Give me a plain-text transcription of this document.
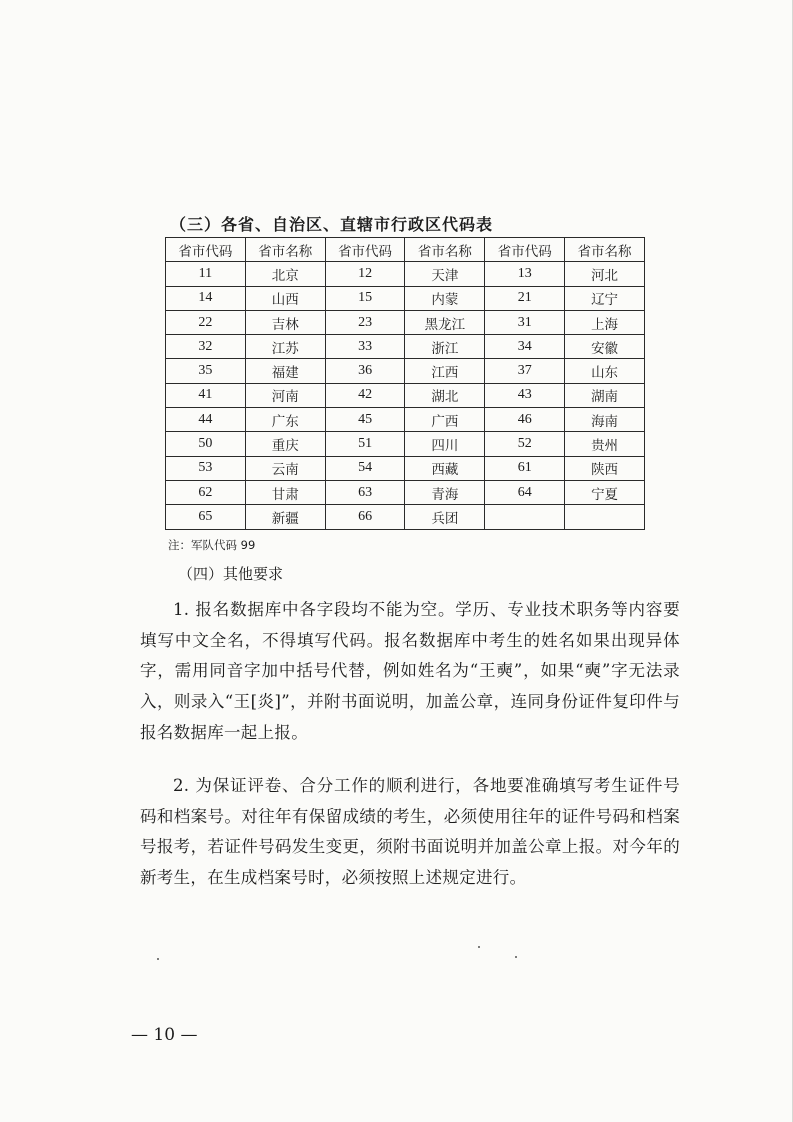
（三）各省、自治区、直辖市行政区代码表
省市代码	省市名称	省市代码	省市名称	省市代码	省市名称
11	北京	12	天津	13	河北
14	山西	15	内蒙	21	辽宁
22	吉林	23	黑龙江	31	上海
32	江苏	33	浙江	34	安徽
35	福建	36	江西	37	山东
41	河南	42	湖北	43	湖南
44	广东	45	广西	46	海南
50	重庆	51	四川	52	贵州
53	云南	54	西藏	61	陕西
62	甘肃	63	青海	64	宁夏
65	新疆	66	兵团		
注：军队代码 99
（四）其他要求

1. 报名数据库中各字段均不能为空。学历、专业技术职务等内容要填写中文全名，不得填写代码。报名数据库中考生的姓名如果出现异体字，需用同音字加中括号代替，例如姓名为“王奭”，如果“奭”字无法录入，则录入“王[炎]”，并附书面说明，加盖公章，连同身份证件复印件与报名数据库一起上报。

2. 为保证评卷、合分工作的顺利进行，各地要准确填写考生证件号码和档案号。对往年有保留成绩的考生，必须使用往年的证件号码和档案号报考，若证件号码发生变更，须附书面说明并加盖公章上报。对今年的新考生，在生成档案号时，必须按照上述规定进行。

— 10 —
